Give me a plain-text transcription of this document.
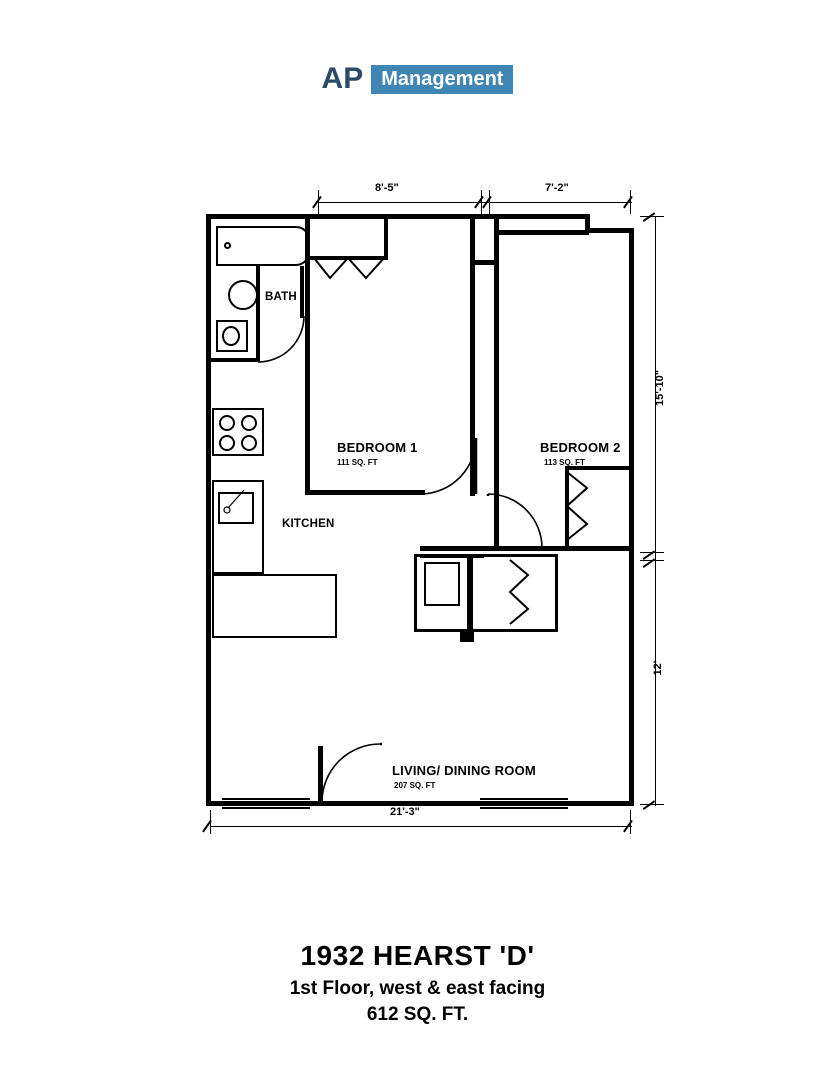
AP Management
8'-5"	7'-2"
15'-10"
12'
21'-3"
BATH
KITCHEN
BEDROOM 1
111 SQ. FT
BEDROOM 2
113 SQ. FT
LIVING/ DINING ROOM
207 SQ. FT
1932 HEARST 'D'
1st Floor, west & east facing
612 SQ. FT.
